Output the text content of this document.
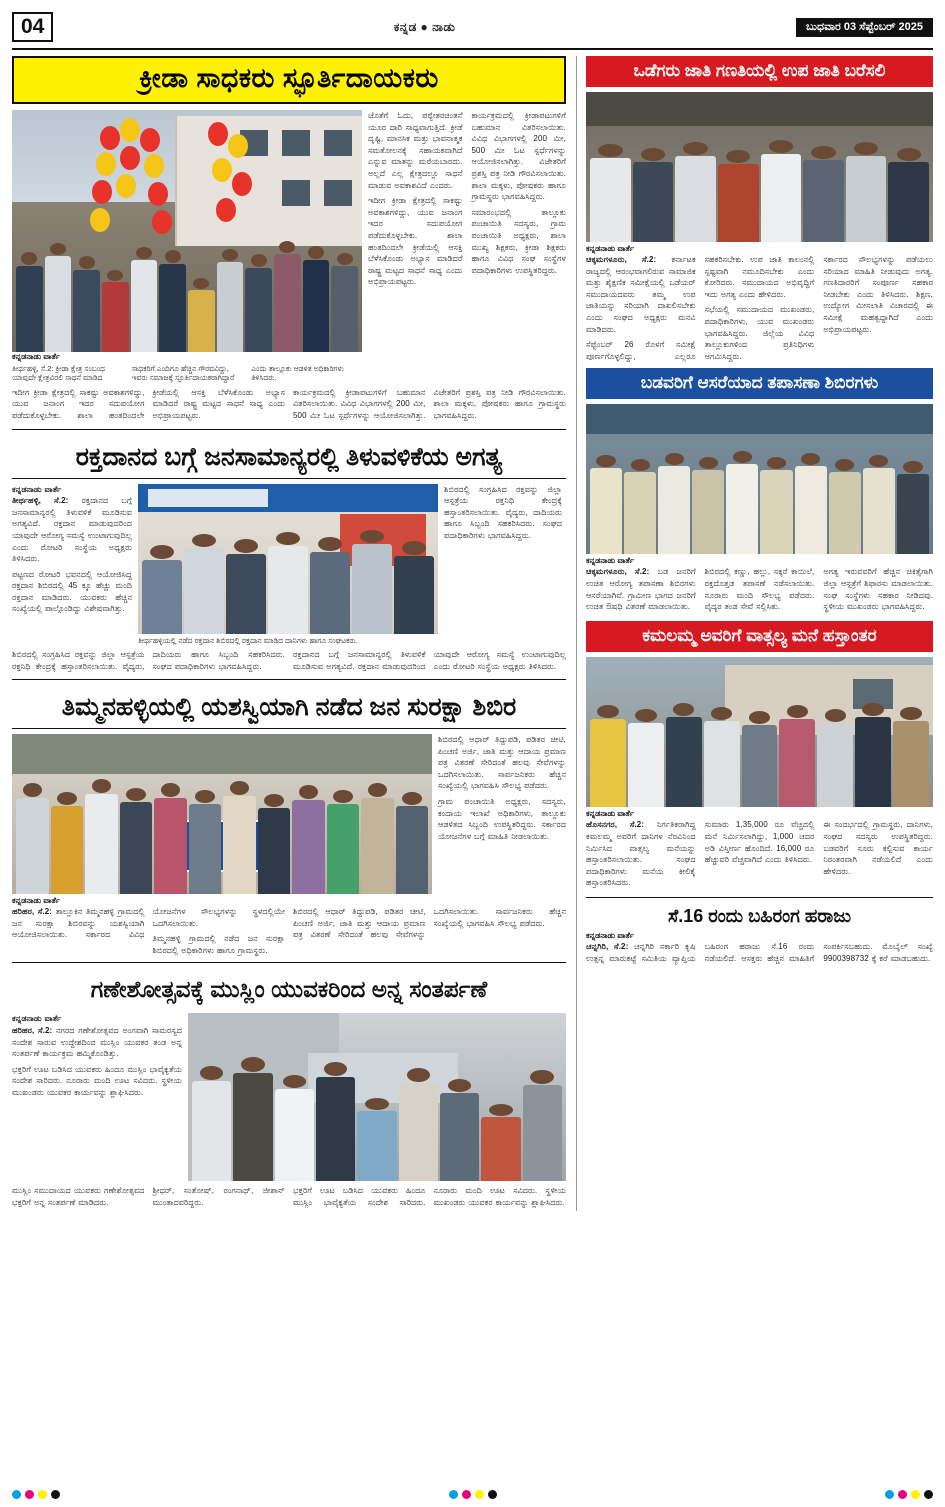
04	ಕನ್ನಡ ● ನಾಡು	ಬುಧವಾರ 03 ಸೆಪ್ಟೆಂಬರ್ 2025
ಕ್ರೀಡಾ ಸಾಧಕರು ಸ್ಫೂರ್ತಿದಾಯಕರು
ಕನ್ನಡನಾಡು ವಾರ್ತೆ
ತೀರ್ಥಹಳ್ಳಿ, ಸೆ.2: ಕ್ರೀಡಾ ಕ್ಷೇತ್ರ ಸಂಬಂಧ ಯಾವುದೇ ಕ್ಷೇತ್ರವಿರಲಿ ಸಾಧನೆ ಮಾಡಿದ ಸಾಧಕರಿಗೆ ಎಂದಿಗೂ ಹೆಚ್ಚಿನ ಗೌರವವಿದ್ದು, ಇವರು ಸಮಾಜಕ್ಕೆ ಸ್ಫೂರ್ತಿದಾಯಕರಾಗಿದ್ದಾರೆ ಎಂದು ತಾಲ್ಲೂಕು ಆಡಳಿತ ಅಧಿಕಾರಿಗಳು ತಿಳಿಸಿದರು.
ಜೊತೆಗೆ ಓದು, ಪಠ್ಯೇತರಚಿಂತನೆ ಯೂರ ದಾರಿ ಸಾಧ್ಯವಾಗುತ್ತಿದೆ. ಕ್ರೀಡೆ ದೃಷ್ಟಿ, ಮಾನಸಿಕ ಮತ್ತು ಭಾವನಾತ್ಮಕ ಸಮತೋಲನಕ್ಕೆ ಸಹಾಯಕವಾಗಿದೆ ಎನ್ನುವ ಮಾತನ್ನು ಮರೆಯಬಾರದು. ಅಲ್ಲದೆ ಎಲ್ಲ ಕ್ಷೇತ್ರದಲ್ಲೂ ಸಾಧನೆ ಮಾಡುವ ಅವಕಾಶವಿದೆ ಎಂದರು.
ಇದೀಗ ಕ್ರೀಡಾ ಕ್ಷೇತ್ರದಲ್ಲಿ ಸಾಕಷ್ಟು ಅವಕಾಶಗಳಿದ್ದು, ಯುವ ಜನಾಂಗ ಇದರ ಸದುಪಯೋಗ ಪಡೆದುಕೊಳ್ಳಬೇಕು. ಶಾಲಾ ಹಂತದಿಂದಲೇ ಕ್ರೀಡೆಯಲ್ಲಿ ಆಸಕ್ತಿ ಬೆಳೆಸಿಕೊಂಡು ಅಭ್ಯಾಸ ಮಾಡಿದರೆ ರಾಷ್ಟ್ರ ಮಟ್ಟದ ಸಾಧನೆ ಸಾಧ್ಯ ಎಂದು ಅಭಿಪ್ರಾಯಪಟ್ಟರು.
ಕಾರ್ಯಕ್ರಮದಲ್ಲಿ ಕ್ರೀಡಾಪಟುಗಳಿಗೆ ಬಹುಮಾನ ವಿತರಿಸಲಾಯಿತು. ವಿವಿಧ ವಿಭಾಗಗಳಲ್ಲಿ 200 ಮೀ, 500 ಮೀ ಓಟ ಸ್ಪರ್ಧೆಗಳನ್ನು ಆಯೋಜಿಸಲಾಗಿತ್ತು. ವಿಜೇತರಿಗೆ ಪ್ರಶಸ್ತಿ ಪತ್ರ ನೀಡಿ ಗೌರವಿಸಲಾಯಿತು. ಶಾಲಾ ಮಕ್ಕಳು, ಪೋಷಕರು ಹಾಗೂ ಗ್ರಾಮಸ್ಥರು ಭಾಗವಹಿಸಿದ್ದರು.
ಸಮಾರಂಭದಲ್ಲಿ ತಾಲ್ಲೂಕು ಪಂಚಾಯಿತಿ ಸದಸ್ಯರು, ಗ್ರಾಮ ಪಂಚಾಯಿತಿ ಅಧ್ಯಕ್ಷರು, ಶಾಲಾ ಮುಖ್ಯ ಶಿಕ್ಷಕರು, ಕ್ರೀಡಾ ಶಿಕ್ಷಕರು ಹಾಗೂ ವಿವಿಧ ಸಂಘ ಸಂಸ್ಥೆಗಳ ಪದಾಧಿಕಾರಿಗಳು ಉಪಸ್ಥಿತರಿದ್ದರು.
ಇದೀಗ ಕ್ರೀಡಾ ಕ್ಷೇತ್ರದಲ್ಲಿ ಸಾಕಷ್ಟು ಅವಕಾಶಗಳಿದ್ದು, ಯುವ ಜನಾಂಗ ಇದರ ಸದುಪಯೋಗ ಪಡೆದುಕೊಳ್ಳಬೇಕು. ಶಾಲಾ ಹಂತದಿಂದಲೇ ಕ್ರೀಡೆಯಲ್ಲಿ ಆಸಕ್ತಿ ಬೆಳೆಸಿಕೊಂಡು ಅಭ್ಯಾಸ ಮಾಡಿದರೆ ರಾಷ್ಟ್ರ ಮಟ್ಟದ ಸಾಧನೆ ಸಾಧ್ಯ ಎಂದು ಅಭಿಪ್ರಾಯಪಟ್ಟರು.
ಕಾರ್ಯಕ್ರಮದಲ್ಲಿ ಕ್ರೀಡಾಪಟುಗಳಿಗೆ ಬಹುಮಾನ ವಿತರಿಸಲಾಯಿತು. ವಿವಿಧ ವಿಭಾಗಗಳಲ್ಲಿ 200 ಮೀ, 500 ಮೀ ಓಟ ಸ್ಪರ್ಧೆಗಳನ್ನು ಆಯೋಜಿಸಲಾಗಿತ್ತು. ವಿಜೇತರಿಗೆ ಪ್ರಶಸ್ತಿ ಪತ್ರ ನೀಡಿ ಗೌರವಿಸಲಾಯಿತು. ಶಾಲಾ ಮಕ್ಕಳು, ಪೋಷಕರು ಹಾಗೂ ಗ್ರಾಮಸ್ಥರು ಭಾಗವಹಿಸಿದ್ದರು.
ರಕ್ತದಾನದ ಬಗ್ಗೆ ಜನಸಾಮಾನ್ಯರಲ್ಲಿ ತಿಳುವಳಿಕೆಯ ಅಗತ್ಯ
ಕನ್ನಡನಾಡು ವಾರ್ತೆ
ತೀರ್ಥಹಳ್ಳಿ, ಸೆ.2: ರಕ್ತದಾನದ ಬಗ್ಗೆ ಜನಸಾಮಾನ್ಯರಲ್ಲಿ ತಿಳುವಳಿಕೆ ಮೂಡಿಸುವ ಅಗತ್ಯವಿದೆ. ರಕ್ತದಾನ ಮಾಡುವುದರಿಂದ ಯಾವುದೇ ಆರೋಗ್ಯ ಸಮಸ್ಯೆ ಉಂಟಾಗುವುದಿಲ್ಲ ಎಂದು ರೋಟರಿ ಸಂಸ್ಥೆಯ ಅಧ್ಯಕ್ಷರು ತಿಳಿಸಿದರು.
ಪಟ್ಟಣದ ರೋಟರಿ ಭವನದಲ್ಲಿ ಆಯೋಜಿಸಿದ್ದ ರಕ್ತದಾನ ಶಿಬಿರದಲ್ಲಿ 45 ಕ್ಕೂ ಹೆಚ್ಚು ಮಂದಿ ರಕ್ತದಾನ ಮಾಡಿದರು. ಯುವಕರು ಹೆಚ್ಚಿನ ಸಂಖ್ಯೆಯಲ್ಲಿ ಪಾಲ್ಗೊಂಡಿದ್ದು ವಿಶೇಷವಾಗಿತ್ತು.
ತೀರ್ಥಹಳ್ಳಿಯಲ್ಲಿ ನಡೆದ ರಕ್ತದಾನ ಶಿಬಿರದಲ್ಲಿ ರಕ್ತದಾನ ಮಾಡಿದ ದಾನಿಗಳು ಹಾಗೂ ಸಂಘಟಕರು.
ಶಿಬಿರದಲ್ಲಿ ಸಂಗ್ರಹಿಸಿದ ರಕ್ತವನ್ನು ಜಿಲ್ಲಾ ಆಸ್ಪತ್ರೆಯ ರಕ್ತನಿಧಿ ಕೇಂದ್ರಕ್ಕೆ ಹಸ್ತಾಂತರಿಸಲಾಯಿತು. ವೈದ್ಯರು, ದಾದಿಯರು ಹಾಗೂ ಸಿಬ್ಬಂದಿ ಸಹಕರಿಸಿದರು. ಸಂಘದ ಪದಾಧಿಕಾರಿಗಳು ಭಾಗವಹಿಸಿದ್ದರು.
ಶಿಬಿರದಲ್ಲಿ ಸಂಗ್ರಹಿಸಿದ ರಕ್ತವನ್ನು ಜಿಲ್ಲಾ ಆಸ್ಪತ್ರೆಯ ರಕ್ತನಿಧಿ ಕೇಂದ್ರಕ್ಕೆ ಹಸ್ತಾಂತರಿಸಲಾಯಿತು. ವೈದ್ಯರು, ದಾದಿಯರು ಹಾಗೂ ಸಿಬ್ಬಂದಿ ಸಹಕರಿಸಿದರು. ಸಂಘದ ಪದಾಧಿಕಾರಿಗಳು ಭಾಗವಹಿಸಿದ್ದರು.
ರಕ್ತದಾನದ ಬಗ್ಗೆ ಜನಸಾಮಾನ್ಯರಲ್ಲಿ ತಿಳುವಳಿಕೆ ಮೂಡಿಸುವ ಅಗತ್ಯವಿದೆ. ರಕ್ತದಾನ ಮಾಡುವುದರಿಂದ ಯಾವುದೇ ಆರೋಗ್ಯ ಸಮಸ್ಯೆ ಉಂಟಾಗುವುದಿಲ್ಲ ಎಂದು ರೋಟರಿ ಸಂಸ್ಥೆಯ ಅಧ್ಯಕ್ಷರು ತಿಳಿಸಿದರು.
ತಿಮ್ಮನಹಳ್ಳಿಯಲ್ಲಿ ಯಶಸ್ವಿಯಾಗಿ ನಡೆದ ಜನ ಸುರಕ್ಷಾ ಶಿಬಿರ
ಶಿಬಿರದಲ್ಲಿ ಆಧಾರ್ ತಿದ್ದುಪಡಿ, ಪಡಿತರ ಚೀಟಿ, ಪಿಂಚಣಿ ಅರ್ಜಿ, ಜಾತಿ ಮತ್ತು ಆದಾಯ ಪ್ರಮಾಣ ಪತ್ರ ವಿತರಣೆ ಸೇರಿದಂತೆ ಹಲವು ಸೇವೆಗಳನ್ನು ಒದಗಿಸಲಾಯಿತು. ಸಾರ್ವಜನಿಕರು ಹೆಚ್ಚಿನ ಸಂಖ್ಯೆಯಲ್ಲಿ ಭಾಗವಹಿಸಿ ಸೌಲಭ್ಯ ಪಡೆದರು.
ಗ್ರಾಮ ಪಂಚಾಯಿತಿ ಅಧ್ಯಕ್ಷರು, ಸದಸ್ಯರು, ಕಂದಾಯ ಇಲಾಖೆ ಅಧಿಕಾರಿಗಳು, ತಾಲ್ಲೂಕು ಆಡಳಿತದ ಸಿಬ್ಬಂದಿ ಉಪಸ್ಥಿತರಿದ್ದರು. ಸರ್ಕಾರದ ಯೋಜನೆಗಳ ಬಗ್ಗೆ ಮಾಹಿತಿ ನೀಡಲಾಯಿತು.
ಕನ್ನಡನಾಡು ವಾರ್ತೆ
ಹರಿಹರ, ಸೆ.2: ತಾಲ್ಲೂಕಿನ ತಿಮ್ಮನಹಳ್ಳಿ ಗ್ರಾಮದಲ್ಲಿ ಜನ ಸುರಕ್ಷಾ ಶಿಬಿರವನ್ನು ಯಶಸ್ವಿಯಾಗಿ ಆಯೋಜಿಸಲಾಯಿತು. ಸರ್ಕಾರದ ವಿವಿಧ ಯೋಜನೆಗಳ ಸೌಲಭ್ಯಗಳನ್ನು ಸ್ಥಳದಲ್ಲಿಯೇ ಒದಗಿಸಲಾಯಿತು.
ತಿಮ್ಮನಹಳ್ಳಿ ಗ್ರಾಮದಲ್ಲಿ ನಡೆದ ಜನ ಸುರಕ್ಷಾ ಶಿಬಿರದಲ್ಲಿ ಅಧಿಕಾರಿಗಳು ಹಾಗೂ ಗ್ರಾಮಸ್ಥರು.
ಶಿಬಿರದಲ್ಲಿ ಆಧಾರ್ ತಿದ್ದುಪಡಿ, ಪಡಿತರ ಚೀಟಿ, ಪಿಂಚಣಿ ಅರ್ಜಿ, ಜಾತಿ ಮತ್ತು ಆದಾಯ ಪ್ರಮಾಣ ಪತ್ರ ವಿತರಣೆ ಸೇರಿದಂತೆ ಹಲವು ಸೇವೆಗಳನ್ನು ಒದಗಿಸಲಾಯಿತು. ಸಾರ್ವಜನಿಕರು ಹೆಚ್ಚಿನ ಸಂಖ್ಯೆಯಲ್ಲಿ ಭಾಗವಹಿಸಿ ಸೌಲಭ್ಯ ಪಡೆದರು.
ಗಣೇಶೋತ್ಸವಕ್ಕೆ ಮುಸ್ಲಿಂ ಯುವಕರಿಂದ ಅನ್ನ ಸಂತರ್ಪಣೆ
ಕನ್ನಡನಾಡು ವಾರ್ತೆ
ಹರಿಹರ, ಸೆ.2: ನಗರದ ಗಣೇಶೋತ್ಸವದ ಅಂಗವಾಗಿ ಸಾಮರಸ್ಯದ ಸಂದೇಶ ಸಾರುವ ಉದ್ದೇಶದಿಂದ ಮುಸ್ಲಿಂ ಯುವಕರ ತಂಡ ಅನ್ನ ಸಂತರ್ಪಣೆ ಕಾರ್ಯಕ್ರಮ ಹಮ್ಮಿಕೊಂಡಿತ್ತು.
ಭಕ್ತರಿಗೆ ಊಟ ಬಡಿಸಿದ ಯುವಕರು ಹಿಂದೂ ಮುಸ್ಲಿಂ ಭಾವೈಕ್ಯತೆಯ ಸಂದೇಶ ಸಾರಿದರು. ನೂರಾರು ಮಂದಿ ಊಟ ಸವಿದರು. ಸ್ಥಳೀಯ ಮುಖಂಡರು ಯುವಕರ ಕಾರ್ಯವನ್ನು ಶ್ಲಾಘಿಸಿದರು.
ಮುಸ್ಲಿಂ ಸಮುದಾಯದ ಯುವಕರು ಗಣೇಶೋತ್ಸವದ ಭಕ್ತರಿಗೆ ಅನ್ನ ಸಂತರ್ಪಣೆ ಮಾಡಿದರು.
ಶ್ರೀಧರ್, ಸಂತೋಷ್, ರಂಗನಾಥ್, ಜೀಶಾನ್ ಮುಂತಾದವರಿದ್ದರು.
ಭಕ್ತರಿಗೆ ಊಟ ಬಡಿಸಿದ ಯುವಕರು ಹಿಂದೂ ಮುಸ್ಲಿಂ ಭಾವೈಕ್ಯತೆಯ ಸಂದೇಶ ಸಾರಿದರು. ನೂರಾರು ಮಂದಿ ಊಟ ಸವಿದರು. ಸ್ಥಳೀಯ ಮುಖಂಡರು ಯುವಕರ ಕಾರ್ಯವನ್ನು ಶ್ಲಾಘಿಸಿದರು.
ಒಡೆಗರು ಜಾತಿ ಗಣತಿಯಲ್ಲಿ ಉಪ ಜಾತಿ ಬರೆಸಲಿ
ಕನ್ನಡನಾಡು ವಾರ್ತೆ
ಚಿಕ್ಕಮಗಳೂರು, ಸೆ.2: ಕರ್ನಾಟಕ ರಾಜ್ಯದಲ್ಲಿ ಆರಂಭವಾಗಲಿರುವ ಸಾಮಾಜಿಕ ಮತ್ತು ಶೈಕ್ಷಣಿಕ ಸಮೀಕ್ಷೆಯಲ್ಲಿ ಒಡೆಯರ್ ಸಮುದಾಯದವರು ತಮ್ಮ ಉಪ ಜಾತಿಯನ್ನು ಸರಿಯಾಗಿ ದಾಖಲಿಸಬೇಕು ಎಂದು ಸಂಘದ ಅಧ್ಯಕ್ಷರು ಮನವಿ ಮಾಡಿದರು.
ಸೆಪ್ಟೆಂಬರ್ 26 ರೊಳಗೆ ಸಮೀಕ್ಷೆ ಪೂರ್ಣಗೊಳ್ಳಲಿದ್ದು, ಎಲ್ಲರೂ ಸಹಕರಿಸಬೇಕು. ಉಪ ಜಾತಿ ಕಾಲಂನಲ್ಲಿ ಸ್ಪಷ್ಟವಾಗಿ ನಮೂದಿಸಬೇಕು ಎಂದು ಕೋರಿದರು. ಸಮುದಾಯದ ಅಭಿವೃದ್ಧಿಗೆ ಇದು ಅಗತ್ಯ ಎಂದು ಹೇಳಿದರು.
ಸಭೆಯಲ್ಲಿ ಸಮುದಾಯದ ಮುಖಂಡರು, ಪದಾಧಿಕಾರಿಗಳು, ಯುವ ಮುಖಂಡರು ಭಾಗವಹಿಸಿದ್ದರು. ಜಿಲ್ಲೆಯ ವಿವಿಧ ತಾಲ್ಲೂಕುಗಳಿಂದ ಪ್ರತಿನಿಧಿಗಳು ಆಗಮಿಸಿದ್ದರು.
ಸರ್ಕಾರದ ಸೌಲಭ್ಯಗಳನ್ನು ಪಡೆಯಲು ಸರಿಯಾದ ಮಾಹಿತಿ ನೀಡುವುದು ಅಗತ್ಯ. ಗಣತಿದಾರರಿಗೆ ಸಂಪೂರ್ಣ ಸಹಕಾರ ನೀಡಬೇಕು ಎಂದು ತಿಳಿಸಿದರು. ಶಿಕ್ಷಣ, ಉದ್ಯೋಗ ಮೀಸಲಾತಿ ವಿಚಾರದಲ್ಲಿ ಈ ಸಮೀಕ್ಷೆ ಮಹತ್ವದ್ದಾಗಿದೆ ಎಂದು ಅಭಿಪ್ರಾಯಪಟ್ಟರು.
ಬಡವರಿಗೆ ಆಸರೆಯಾದ ತಪಾಸಣಾ ಶಿಬಿರಗಳು
ಕನ್ನಡನಾಡು ವಾರ್ತೆ
ಚಿಕ್ಕಮಗಳೂರು, ಸೆ.2: ಬಡ ಜನರಿಗೆ ಉಚಿತ ಆರೋಗ್ಯ ತಪಾಸಣಾ ಶಿಬಿರಗಳು ಆಸರೆಯಾಗಿವೆ. ಗ್ರಾಮೀಣ ಭಾಗದ ಜನರಿಗೆ ಉಚಿತ ಔಷಧಿ ವಿತರಣೆ ಮಾಡಲಾಯಿತು.
ಶಿಬಿರದಲ್ಲಿ ಕಣ್ಣು, ಹಲ್ಲು, ಸಕ್ಕರೆ ಕಾಯಿಲೆ, ರಕ್ತದೊತ್ತಡ ತಪಾಸಣೆ ನಡೆಸಲಾಯಿತು. ನೂರಾರು ಮಂದಿ ಸೌಲಭ್ಯ ಪಡೆದರು. ವೈದ್ಯರ ತಂಡ ಸೇವೆ ಸಲ್ಲಿಸಿತು.
ಅಗತ್ಯ ಇರುವವರಿಗೆ ಹೆಚ್ಚಿನ ಚಿಕಿತ್ಸೆಗಾಗಿ ಜಿಲ್ಲಾ ಆಸ್ಪತ್ರೆಗೆ ಶಿಫಾರಸು ಮಾಡಲಾಯಿತು. ಸಂಘ ಸಂಸ್ಥೆಗಳು ಸಹಕಾರ ನೀಡಿದವು. ಸ್ಥಳೀಯ ಮುಖಂಡರು ಭಾಗವಹಿಸಿದ್ದರು.
ಕಮಲಮ್ಮ ಅವರಿಗೆ ವಾತ್ಸಲ್ಯ ಮನೆ ಹಸ್ತಾಂತರ
ಕನ್ನಡನಾಡು ವಾರ್ತೆ
ಹೊಸನಗರ, ಸೆ.2: ನಿರ್ಗತಿಕರಾಗಿದ್ದ ಕಮಲಮ್ಮ ಅವರಿಗೆ ದಾನಿಗಳ ನೆರವಿನಿಂದ ನಿರ್ಮಿಸಿದ ವಾತ್ಸಲ್ಯ ಮನೆಯನ್ನು ಹಸ್ತಾಂತರಿಸಲಾಯಿತು. ಸಂಘದ ಪದಾಧಿಕಾರಿಗಳು ಮನೆಯ ಕೀಲಿಕೈ ಹಸ್ತಾಂತರಿಸಿದರು.
ಸುಮಾರು 1,35,000 ರೂ ವೆಚ್ಚದಲ್ಲಿ ಮನೆ ನಿರ್ಮಿಸಲಾಗಿದ್ದು, 1,000 ಚದರ ಅಡಿ ವಿಸ್ತೀರ್ಣ ಹೊಂದಿದೆ. 16,000 ರೂ ಹೆಚ್ಚುವರಿ ವೆಚ್ಚವಾಗಿದೆ ಎಂದು ತಿಳಿಸಿದರು.
ಈ ಸಂದರ್ಭದಲ್ಲಿ ಗ್ರಾಮಸ್ಥರು, ದಾನಿಗಳು, ಸಂಘದ ಸದಸ್ಯರು ಉಪಸ್ಥಿತರಿದ್ದರು. ಬಡವರಿಗೆ ಸೂರು ಕಲ್ಪಿಸುವ ಕಾರ್ಯ ನಿರಂತರವಾಗಿ ನಡೆಯಲಿದೆ ಎಂದು ಹೇಳಿದರು.
ಸೆ.16 ರಂದು ಬಹಿರಂಗ ಹರಾಜು
ಕನ್ನಡನಾಡು ವಾರ್ತೆ
ಚನ್ನಗಿರಿ, ಸೆ.2: ಚನ್ನಗಿರಿ ಸರ್ಕಾರಿ ಕೃಷಿ ಉತ್ಪನ್ನ ಮಾರುಕಟ್ಟೆ ಸಮಿತಿಯ ವ್ಯಾಪ್ತಿಯ ಬಹಿರಂಗ ಹರಾಜು ಸೆ.16 ರಂದು ನಡೆಯಲಿದೆ. ಆಸಕ್ತರು ಹೆಚ್ಚಿನ ಮಾಹಿತಿಗೆ ಸಂಪರ್ಕಿಸಬಹುದು. ಮೊಬೈಲ್ ಸಂಖ್ಯೆ 9900398732 ಕ್ಕೆ ಕರೆ ಮಾಡಬಹುದು.
